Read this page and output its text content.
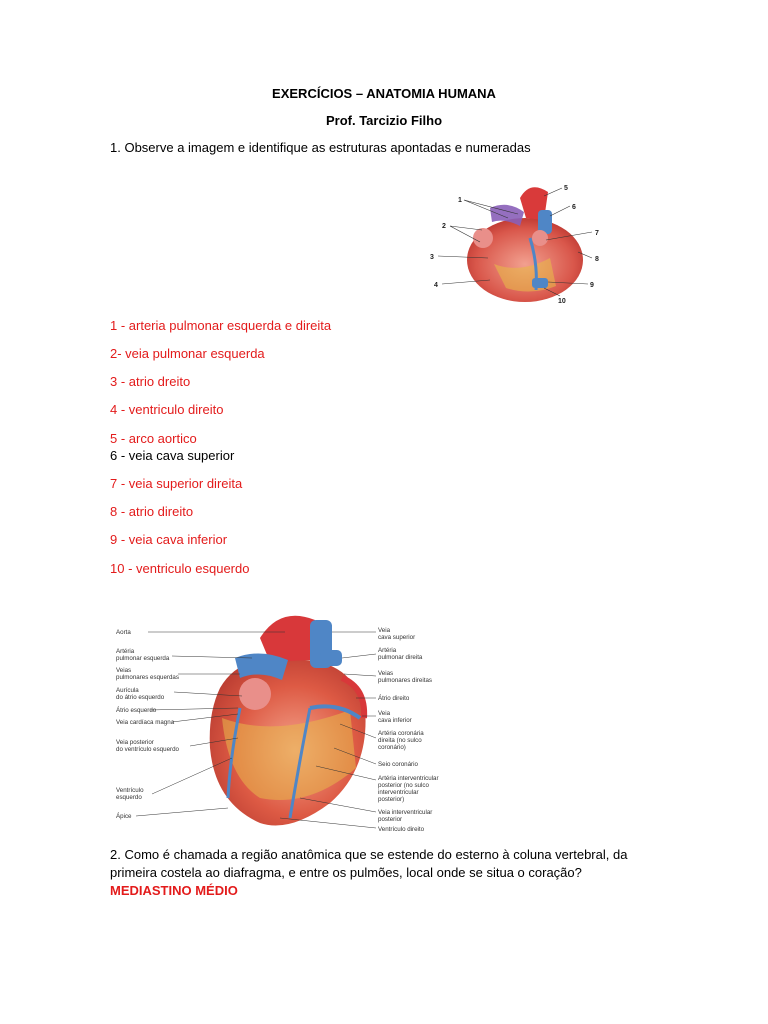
EXERCÍCIOS – ANATOMIA HUMANA
Prof. Tarcizio Filho
1. Observe a imagem e identifique as estruturas apontadas e numeradas
1
2
3
4
5
6
7
8
9
10
1 - arteria pulmonar esquerda e direita
2- veia pulmonar esquerda
3 - atrio dreito
4 - ventriculo direito
5 - arco aortico
6 - veia cava superior
7 - veia superior direita
8 - atrio direito
9 - veia cava inferior
10 - ventriculo esquerdo
Aorta
Artéria
pulmonar esquerda
Veias
pulmonares esquerdas
Aurícula
do átrio esquerdo
Átrio esquerdo
Veia cardíaca magna
Veia posterior
do ventrículo esquerdo
Ventrículo
esquerdo
Ápice
Veia
cava superior
Artéria
pulmonar direita
Veias
pulmonares direitas
Átrio direito
Veia
cava inferior
Artéria coronária
direita (no sulco
coronário)
Seio coronário
Artéria interventricular
posterior (no sulco
interventricular
posterior)
Veia interventricular
posterior
Ventrículo direito
2. Como é chamada a região anatômica que se estende do esterno à coluna vertebral, da
primeira costela ao diafragma, e entre os pulmões, local onde se situa o coração?
MEDIASTINO MÉDIO
